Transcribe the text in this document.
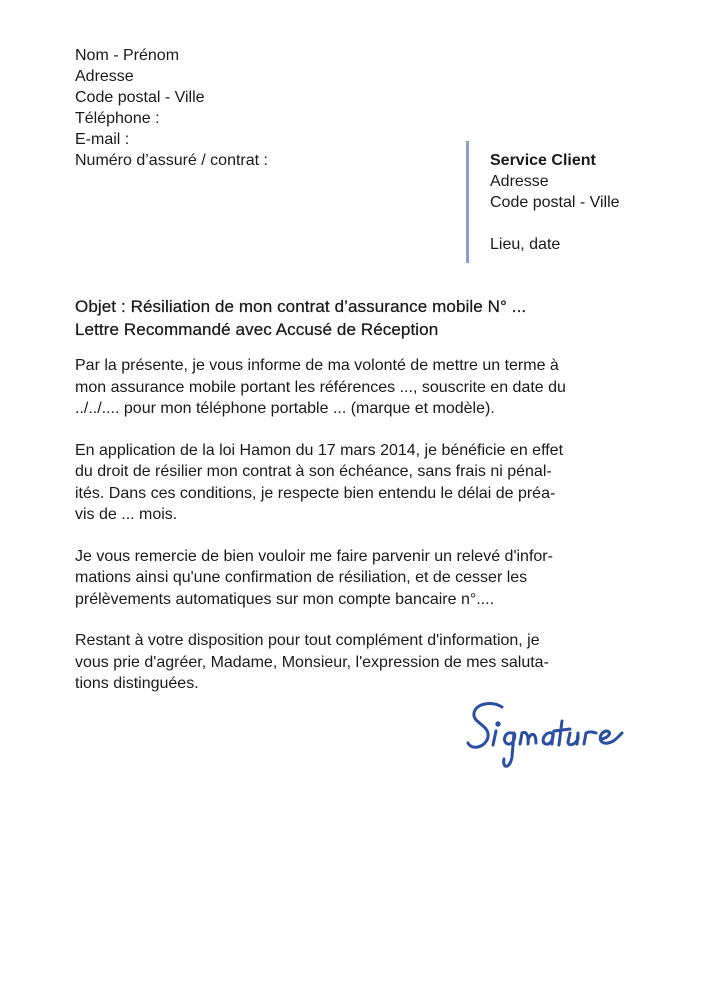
Nom - Prénom
Adresse
Code postal - Ville
Téléphone :
E-mail :
Numéro d’assuré / contrat :	Service Client
Adresse
Code postal - Ville
Lieu, date
Objet : Résiliation de mon contrat d’assurance mobile N° ...
Lettre Recommandé avec Accusé de Réception
Par la présente, je vous informe de ma volonté de mettre un terme à
mon assurance mobile portant les références ..., souscrite en date du
../../.... pour mon téléphone portable ... (marque et modèle).
En application de la loi Hamon du 17 mars 2014, je bénéficie en effet
du droit de résilier mon contrat à son échéance, sans frais ni pénal-
ités. Dans ces conditions, je respecte bien entendu le délai de préa-
vis de ... mois.
Je vous remercie de bien vouloir me faire parvenir un relevé d'infor-
mations ainsi qu'une confirmation de résiliation, et de cesser les
prélèvements automatiques sur mon compte bancaire n°....
Restant à votre disposition pour tout complément d'information, je
vous prie d'agréer, Madame, Monsieur, l'expression de mes saluta-
tions distinguées.
